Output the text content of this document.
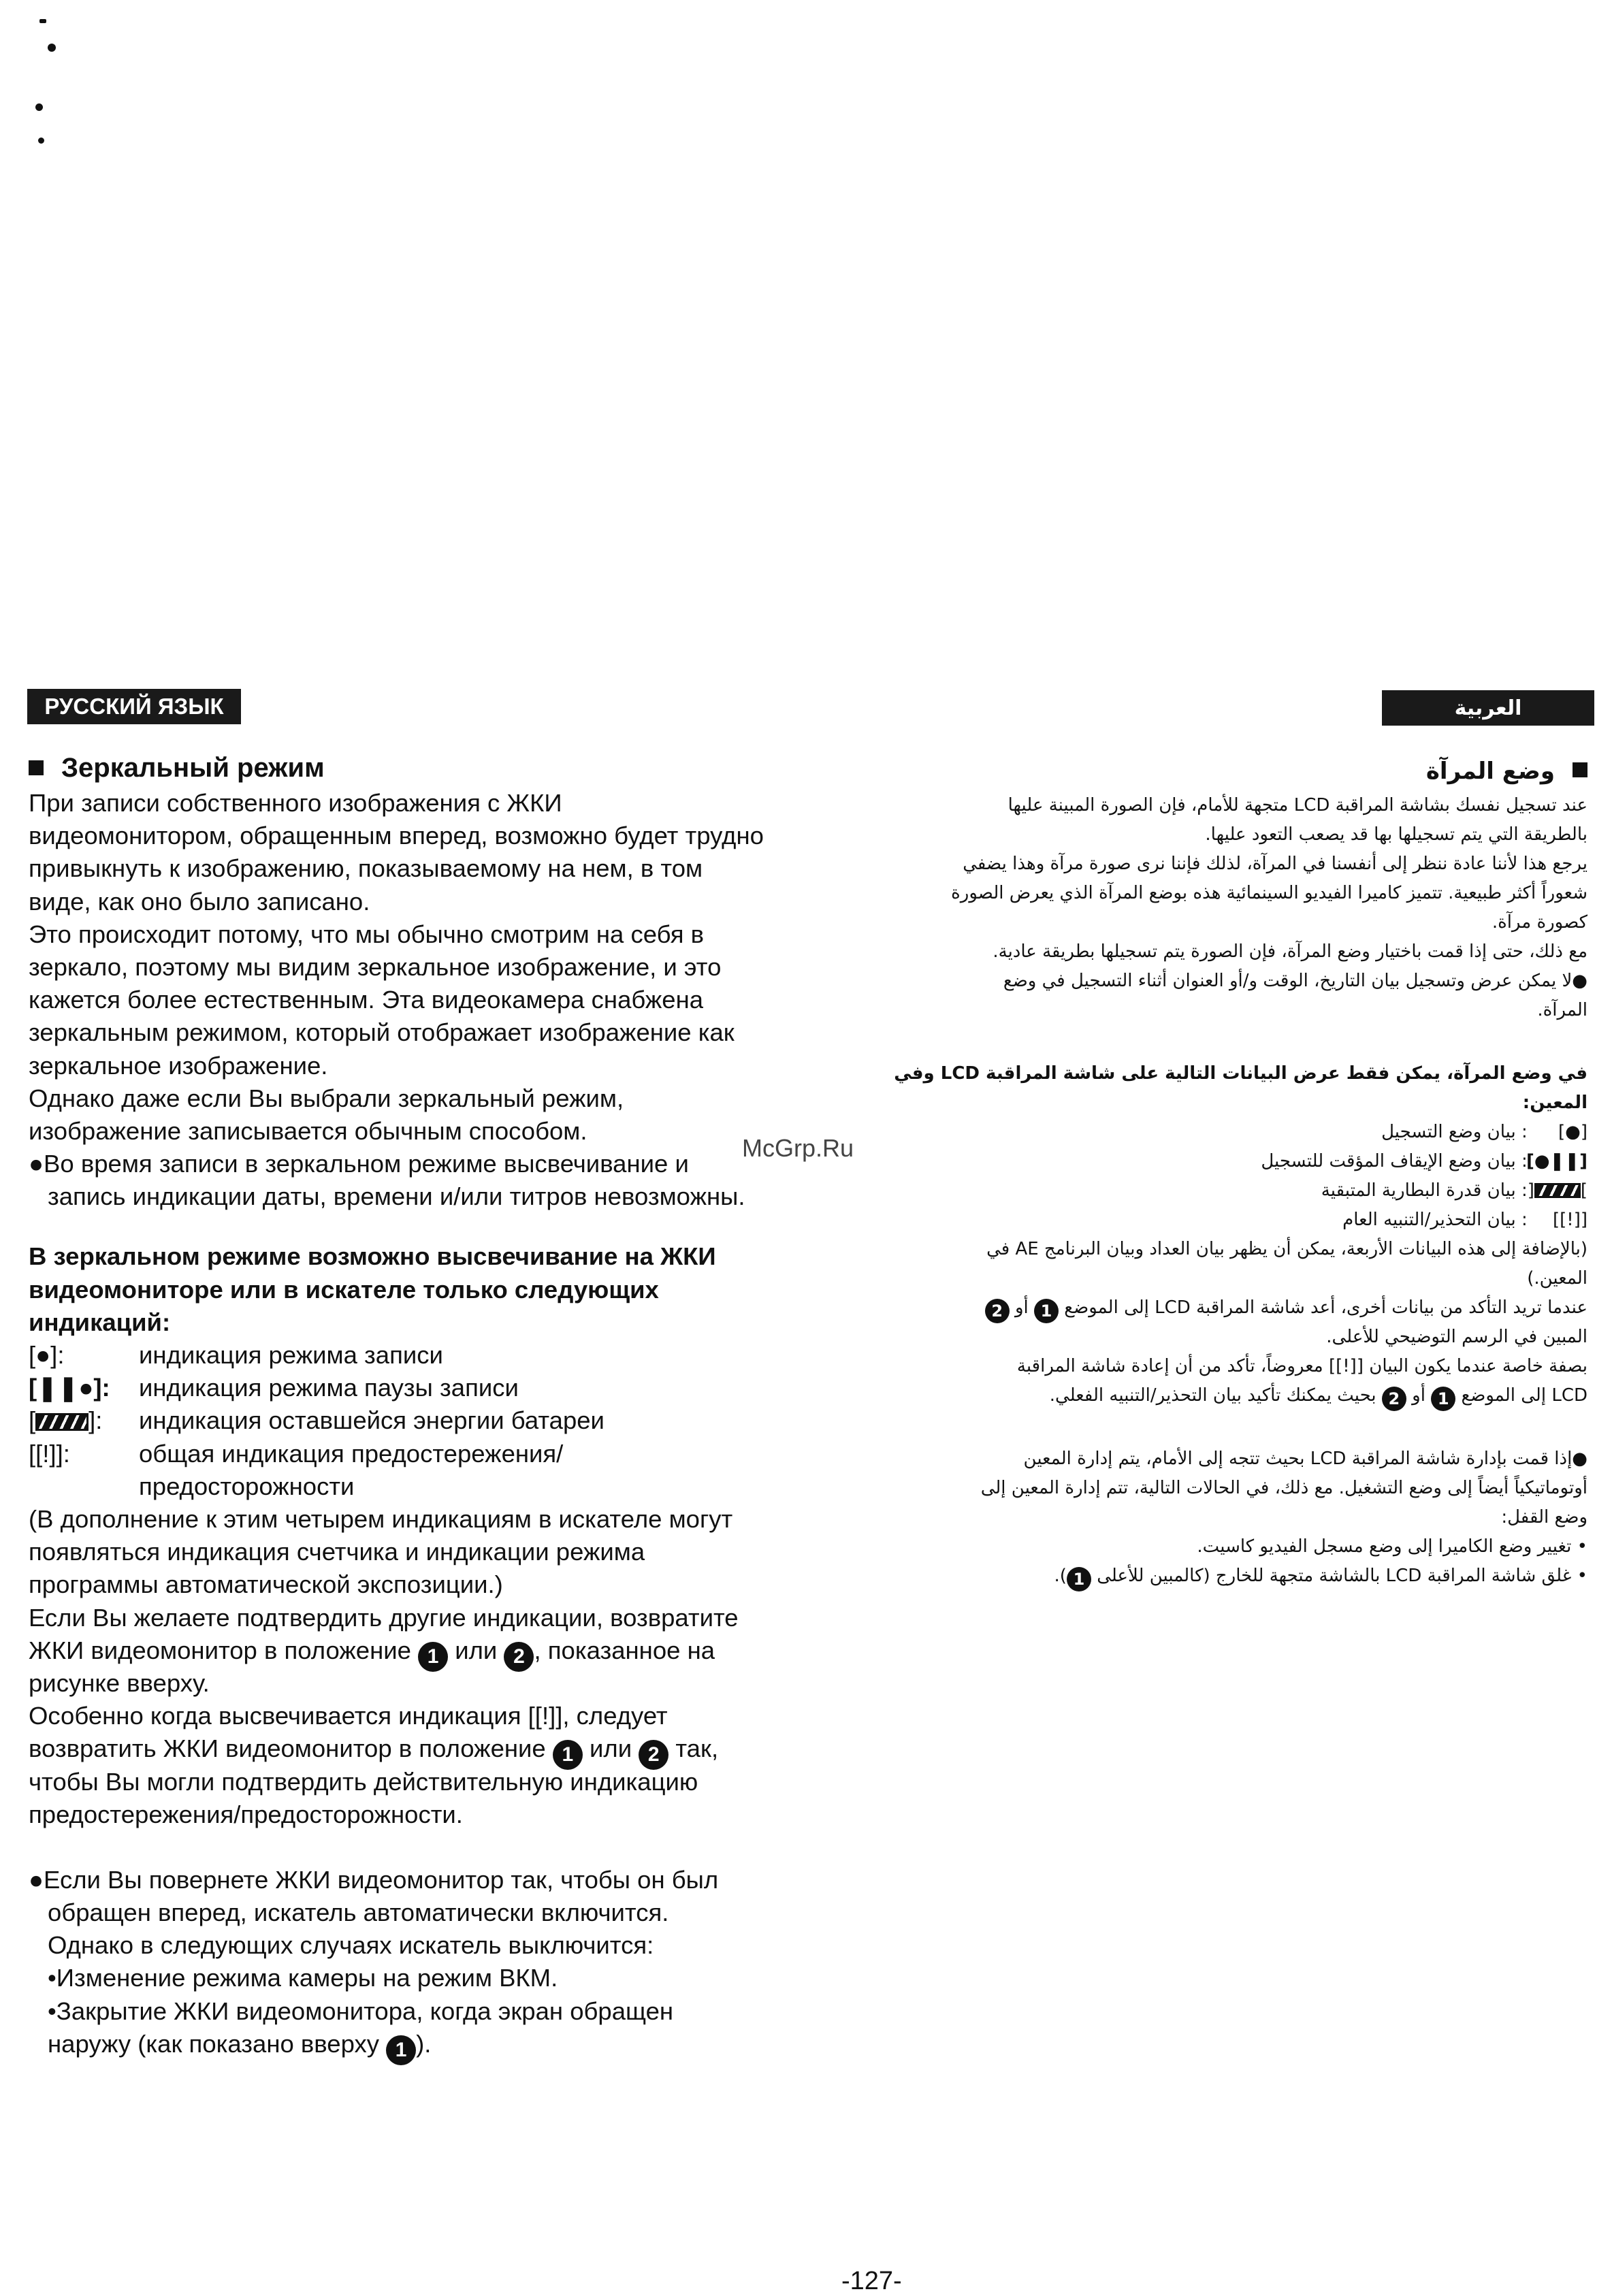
РУССКИЙ ЯЗЫК	العربية
Зеркальный режим
При записи собственного изображения с ЖКИ
видеомонитором, обращенным вперед, возможно будет трудно
привыкнуть к изображению, показываемому на нем, в том
виде, как оно было записано.
Это происходит потому, что мы обычно смотрим на себя в
зеркало, поэтому мы видим зеркальное изображение, и это
кажется более естественным. Эта видеокамера снабжена
зеркальным режимом, который отображает изображение как
зеркальное изображение.
Однако даже если Вы выбрали зеркальный режим,
изображение записывается обычным способом.
●Во время записи в зеркальном режиме высвечивание и
запись индикации даты, времени и/или титров невозможны.
В зеркальном режиме возможно высвечивание на ЖКИ
видеомониторе или в искателе только следующих
индикаций:
[●]:	индикация режима записи
[❚❚●]:	индикация режима паузы записи
[ ]:	индикация оставшейся энергии батареи
[[!]]:	общая индикация предостережения/
предосторожности
(В дополнение к этим четырем индикациям в искателе могут
появляться индикация счетчика и индикации режима
программы автоматической экспозиции.)
Если Вы желаете подтвердить другие индикации, возвратите
ЖКИ видеомонитор в положение 1 или 2 , показанное на
рисунке вверху.
Особенно когда высвечивается индикация [[!]], следует
возвратить ЖКИ видеомонитор в положение 1 или 2 так,
чтобы Вы могли подтвердить действительную индикацию
предостережения/предосторожности.
●Если Вы повернете ЖКИ видеомонитор так, чтобы он был
обращен вперед, искатель автоматически включится.
Однако в следующих случаях искатель выключится:
•Изменение режима камеры на режим ВКМ.
•Закрытие ЖКИ видеомонитора, когда экран обращен
наружу (как показано вверху 1 ).
وضع المرآة
عند تسجيل نفسك بشاشة المراقبة LCD متجهة للأمام، فإن الصورة المبينة عليها
بالطريقة التي يتم تسجيلها بها قد يصعب التعود عليها.
يرجع هذا لأننا عادة ننظر إلى أنفسنا في المرآة، لذلك فإننا نرى صورة مرآة وهذا يضفي
شعوراً أكثر طبيعية. تتميز كاميرا الفيديو السينمائية هذه بوضع المرآة الذي يعرض الصورة
كصورة مرآة.
مع ذلك، حتى إذا قمت باختيار وضع المرآة، فإن الصورة يتم تسجيلها بطريقة عادية.
●لا يمكن عرض وتسجيل بيان التاريخ، الوقت و/أو العنوان أثناء التسجيل في وضع
المرآة.
في وضع المرآة، يمكن فقط عرض البيانات التالية على شاشة المراقبة LCD وفي
المعين:
[●] : بيان وضع التسجيل
[❚❚●] : بيان وضع الإيقاف المؤقت للتسجيل
][ : بيان قدرة البطارية المتبقية
[[!]] : بيان التحذير/التنبيه العام
(بالإضافة إلى هذه البيانات الأربعة، يمكن أن يظهر بيان العداد وبيان البرنامج AE في
المعين.)
عندما تريد التأكد من بيانات أخرى، أعد شاشة المراقبة LCD إلى الموضع 1 أو 2
المبين في الرسم التوضيحي للأعلى.
بصفة خاصة عندما يكون البيان [[!]] معروضاً، تأكد من أن إعادة شاشة المراقبة
LCD إلى الموضع 1 أو 2 بحيث يمكنك تأكيد بيان التحذير/التنبيه الفعلي.
●إذا قمت بإدارة شاشة المراقبة LCD بحيث تتجه إلى الأمام، يتم إدارة المعين
أوتوماتيكياً أيضاً إلى وضع التشغيل. مع ذلك، في الحالات التالية، تتم إدارة المعين إلى
وضع القفل:
• تغيير وضع الكاميرا إلى وضع مسجل الفيديو كاسيت.
• غلق شاشة المراقبة LCD بالشاشة متجهة للخارج (كالمبين للأعلى 1).
McGrp.Ru
-127-
